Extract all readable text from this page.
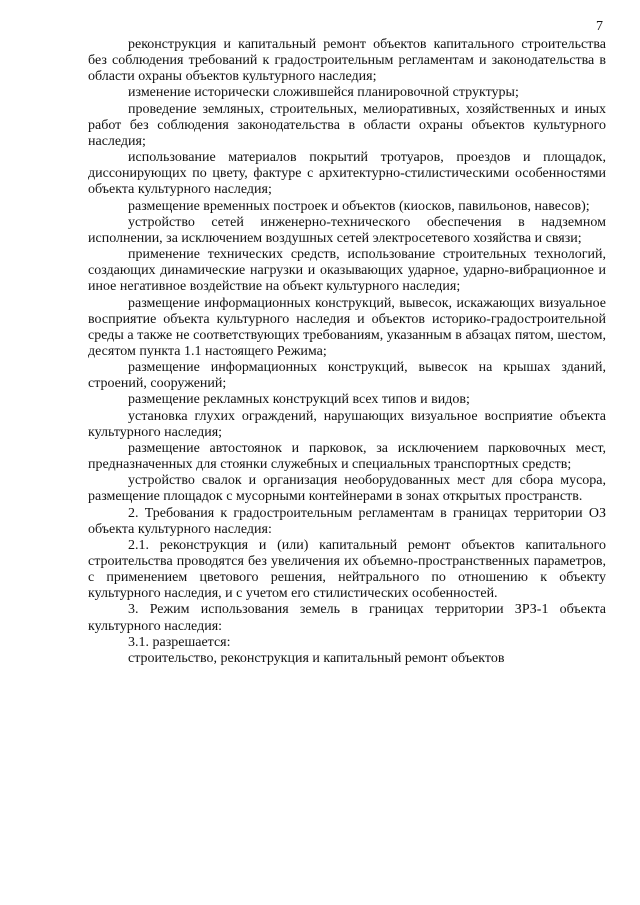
7

реконструкция и капитальный ремонт объектов капитального строительства без соблюдения требований к градостроительным регламентам и законодательства в области охраны объектов культурного наследия;

изменение исторически сложившейся планировочной структуры;

проведение земляных, строительных, мелиоративных, хозяйственных и иных работ без соблюдения законодательства в области охраны объектов культурного наследия;

использование материалов покрытий тротуаров, проездов и площадок, диссонирующих по цвету, фактуре с архитектурно-стилистическими особенностями объекта культурного наследия;

размещение временных построек и объектов (киосков, павильонов, навесов);

устройство сетей инженерно-технического обеспечения в надземном исполнении, за исключением воздушных сетей электросетевого хозяйства и связи;

применение технических средств, использование строительных технологий, создающих динамические нагрузки и оказывающих ударное, ударно-вибрационное и иное негативное воздействие на объект культурного наследия;

размещение информационных конструкций, вывесок, искажающих визуальное восприятие объекта культурного наследия и объектов историко-градостроительной среды а также не соответствующих требованиям, указанным в абзацах пятом, шестом, десятом пункта 1.1 настоящего Режима;

размещение информационных конструкций, вывесок на крышах зданий, строений, сооружений;

размещение рекламных конструкций всех типов и видов;

установка глухих ограждений, нарушающих визуальное восприятие объекта культурного наследия;

размещение автостоянок и парковок, за исключением парковочных мест, предназначенных для стоянки служебных и специальных транспортных средств;

устройство свалок и организация необорудованных мест для сбора мусора, размещение площадок с мусорными контейнерами в зонах открытых пространств.

2. Требования к градостроительным регламентам в границах территории ОЗ объекта культурного наследия:

2.1. реконструкция и (или) капитальный ремонт объектов капитального строительства проводятся без увеличения их объемно-пространственных параметров, с применением цветового решения, нейтрального по отношению к объекту культурного наследия, и с учетом его стилистических особенностей.

3. Режим использования земель в границах территории ЗРЗ-1 объекта культурного наследия:

3.1. разрешается:

строительство, реконструкция и капитальный ремонт объектов
